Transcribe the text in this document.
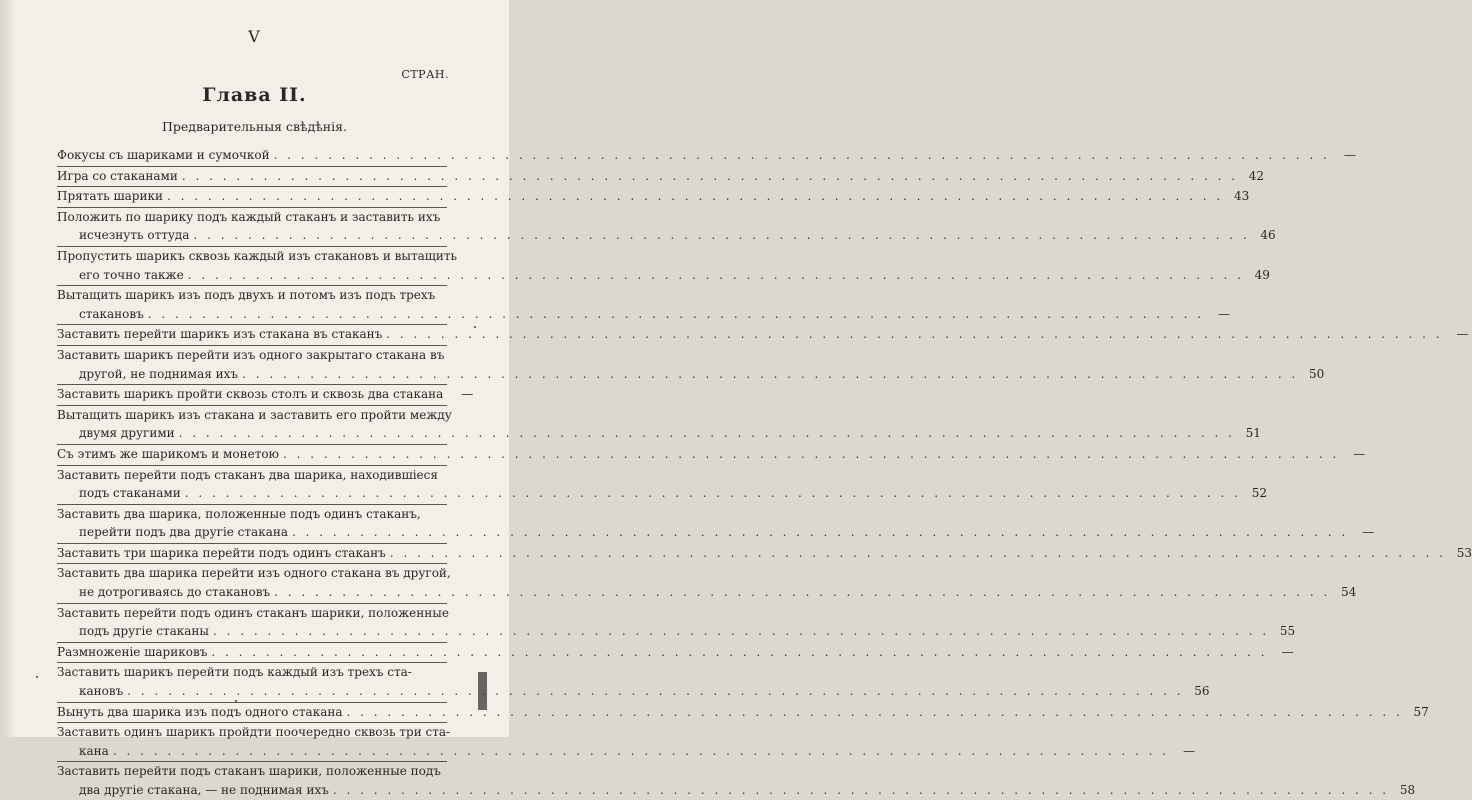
V
СТРАН.
Глава II.
Предварительныя свѣдѣнія.
Фокусы съ шариками и сумочкой . . .	—
Игра со стаканами . . .	42
Прятать шарики . . .	43
Положить по шарику подъ каждый стаканъ и заставить ихъ
исчезнуть оттуда . . .	46
Пропустить шарикъ сквозь каждый изъ стакановъ и вытащить
его точно также . . .	49
Вытащить шарикъ изъ подъ двухъ и потомъ изъ подъ трехъ
стакановъ . . .	—
Заставить перейти шарикъ изъ стакана въ стаканъ . . .	—
Заставить шарикъ перейти изъ одного закрытаго стакана въ
другой, не поднимая ихъ . . .	50
Заставить шарикъ пройти сквозь столъ и сквозь два стакана	—
Вытащить шарикъ изъ стакана и заставить его пройти между
двумя другими . . .	51
Съ этимъ же шарикомъ и монетою . . .	—
Заставить перейти подъ стаканъ два шарика, находившіеся
подъ стаканами . . .	52
Заставить два шарика, положенные подъ одинъ стаканъ,
перейти подъ два другіе стакана . . .	—
Заставить три шарика перейти подъ одинъ стаканъ . . .	53
Заставить два шарика перейти изъ одного стакана въ другой,
не дотрогиваясь до стакановъ . . .	54
Заставить перейти подъ одинъ стаканъ шарики, положенные
подъ другіе стаканы . . .	55
Размноженіе шариковъ . . .	—
Заставить шарикъ перейти подъ каждый изъ трехъ ста-
кановъ . . .	56
Вынуть два шарика изъ подъ одного стакана . . .	57
Заставить одинъ шарикъ пройдти поочередно сквозь три ста-
кана . . .	—
Заставить перейти подъ стаканъ шарики, положенные подъ
два другіе стакана, — не поднимая ихъ . . .	58
